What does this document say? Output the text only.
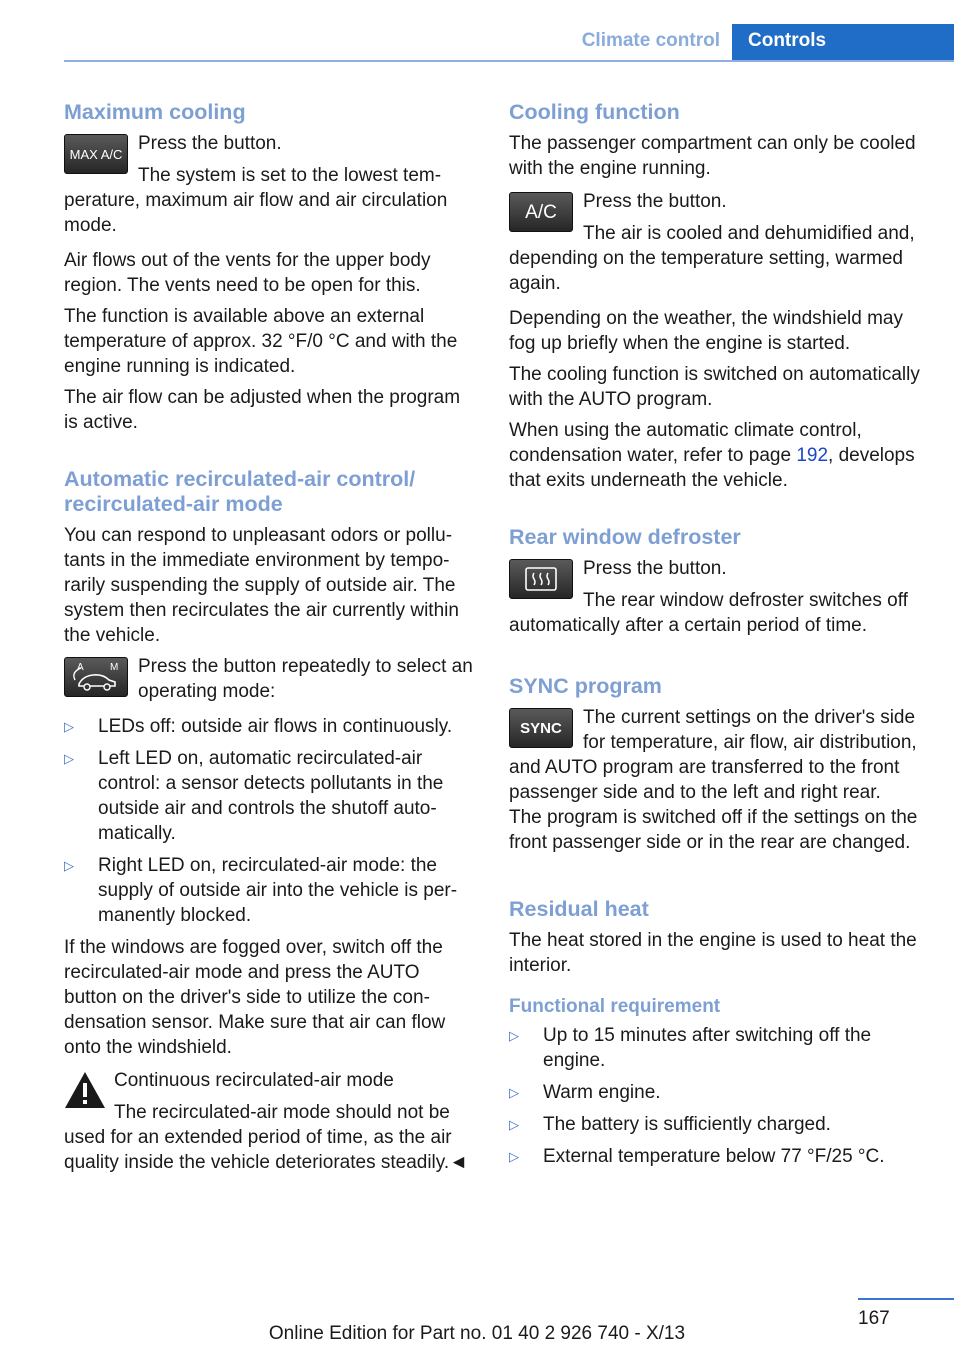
Climate control	Controls
Maximum cooling
MAX A/C Press the button.
The system is set to the lowest temperature, maximum air flow and air circulation mode.

Air flows out of the vents for the upper body region. The vents need to be open for this.

The function is available above an external temperature of approx. 32 °F/0 °C and with the engine running is indicated.

The air flow can be adjusted when the program is active.

Automatic recirculated-air control/ recirculated-air mode

You can respond to unpleasant odors or pollutants in the immediate environment by temporarily suspending the supply of outside air. The system then recirculates the air currently within the vehicle.

A	M	Press the button repeatedly to select an operating mode:
▷ LEDs off: outside air flows in continuously.
▷ Left LED on, automatic recirculated-air control: a sensor detects pollutants in the outside air and controls the shutoff automatically.
▷ Right LED on, recirculated-air mode: the supply of outside air into the vehicle is permanently blocked.

If the windows are fogged over, switch off the recirculated-air mode and press the AUTO button on the driver's side to utilize the condensation sensor. Make sure that air can flow onto the windshield.

Continuous recirculated-air mode
The recirculated-air mode should not be used for an extended period of time, as the air quality inside the vehicle deteriorates steadily.◄
Cooling function

The passenger compartment can only be cooled with the engine running.

A/C	Press the button.
The air is cooled and dehumidified and, depending on the temperature setting, warmed again.

Depending on the weather, the windshield may fog up briefly when the engine is started.

The cooling function is switched on automatically with the AUTO program.

When using the automatic climate control, condensation water, refer to page 192, develops that exits underneath the vehicle.

Rear window defroster
Press the button.
The rear window defroster switches off automatically after a certain period of time.
SYNC program
SYNC	The current settings on the driver's side for temperature, air flow, air distribution, and AUTO program are transferred to the front passenger side and to the left and right rear.

The program is switched off if the settings on the front passenger side or in the rear are changed.

Residual heat

The heat stored in the engine is used to heat the interior.

Functional requirement
▷ Up to 15 minutes after switching off the engine.
▷ Warm engine.
▷ The battery is sufficiently charged.
▷ External temperature below 77 °F/25 °C.
167
Online Edition for Part no. 01 40 2 926 740 - X/13
